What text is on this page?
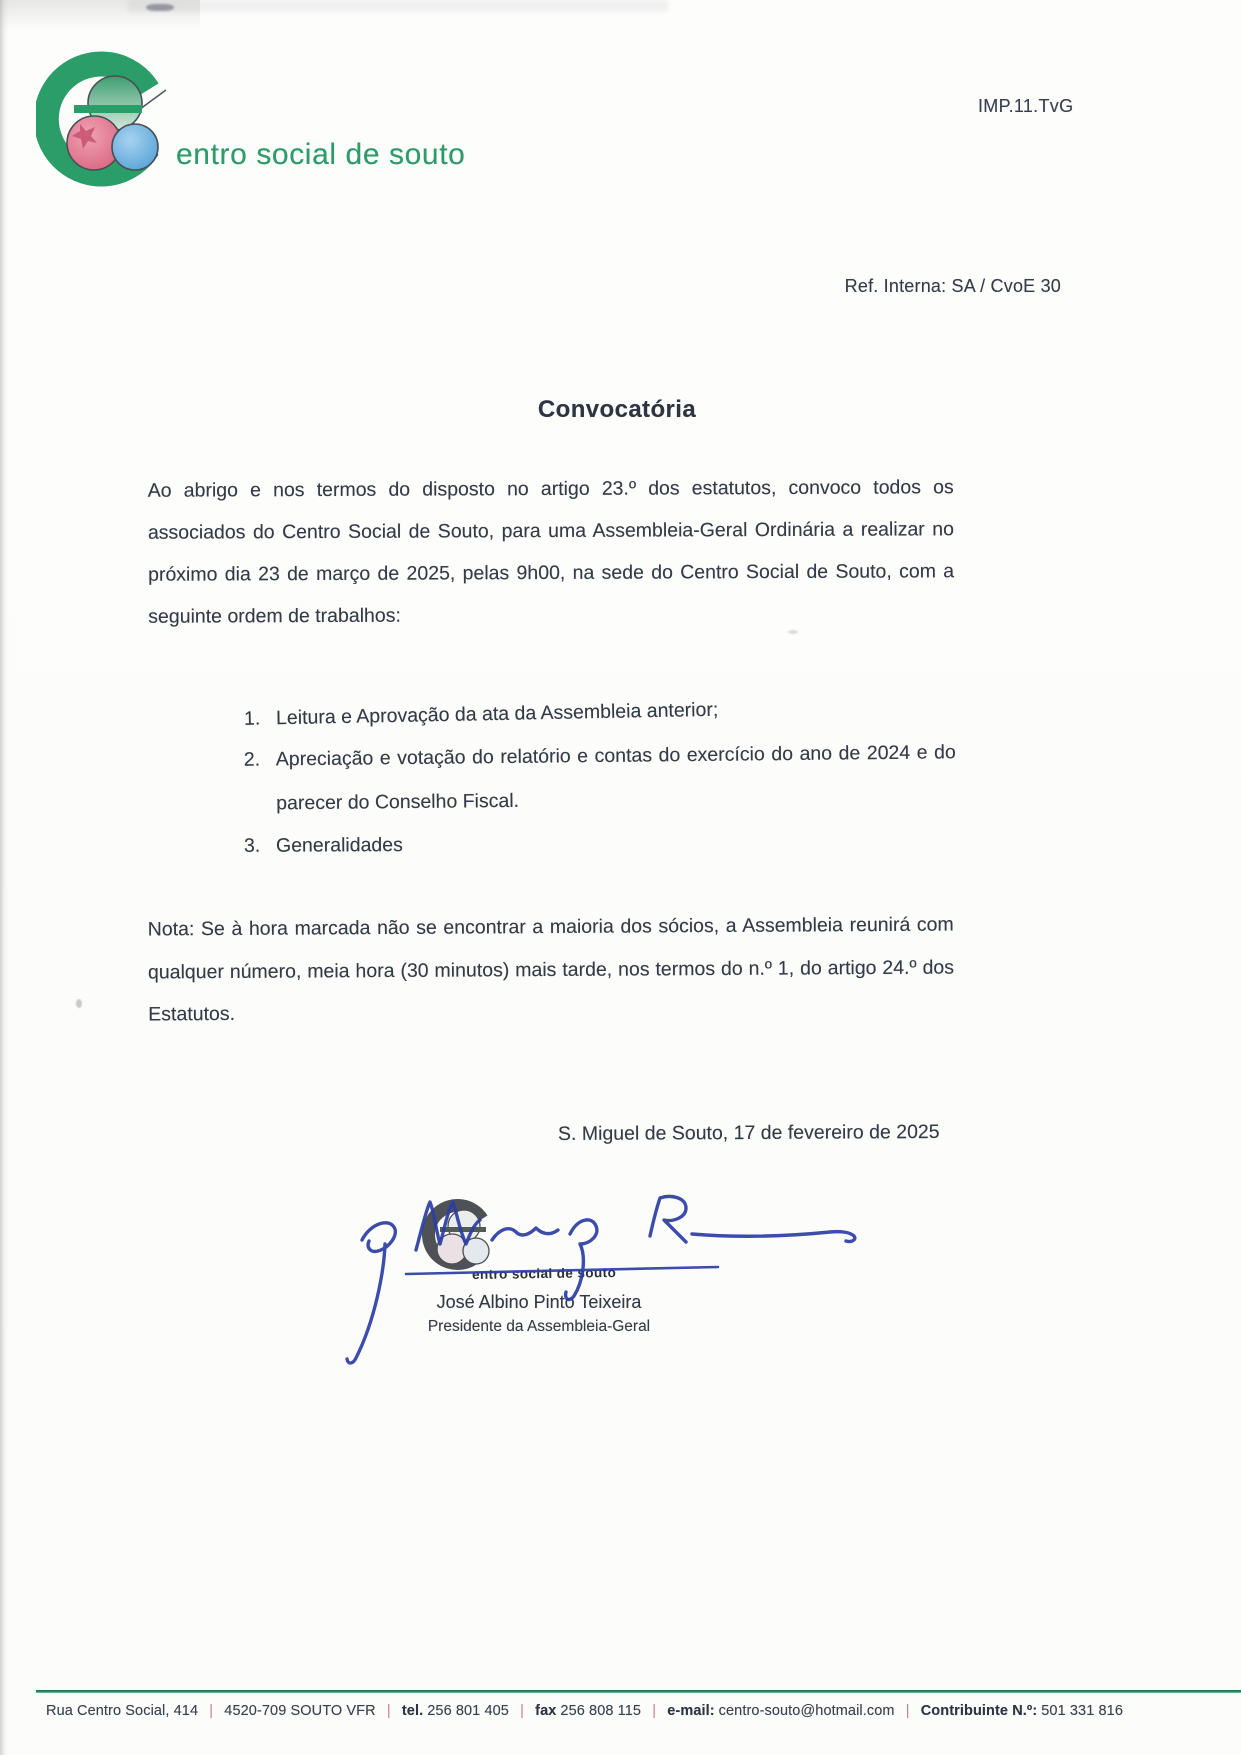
entro social de souto
IMP.11.TvG
Ref. Interna: SA / CvoE 30
Convocatória
Ao abrigo e nos termos do disposto no artigo 23.º dos estatutos, convoco todos os associados do Centro Social de Souto, para uma Assembleia-Geral Ordinária a realizar no próximo dia 23 de março de 2025, pelas 9h00, na sede do Centro Social de Souto, com a seguinte ordem de trabalhos:
1. Leitura e Aprovação da ata da Assembleia anterior;
2. Apreciação e votação do relatório e contas do exercício do ano de 2024 e do parecer do Conselho Fiscal.
3. Generalidades
Nota: Se à hora marcada não se encontrar a maioria dos sócios, a Assembleia reunirá com qualquer número, meia hora (30 minutos) mais tarde, nos termos do n.º 1, do artigo 24.º dos Estatutos.
S. Miguel de Souto, 17 de fevereiro de 2025
entro social de souto
José Albino Pinto Teixeira
Presidente da Assembleia-Geral
Rua Centro Social, 414 | 4520-709 SOUTO VFR | tel. 256 801 405 | fax 256 808 115 | e-mail: centro-souto@hotmail.com | Contribuinte N.º: 501 331 816
